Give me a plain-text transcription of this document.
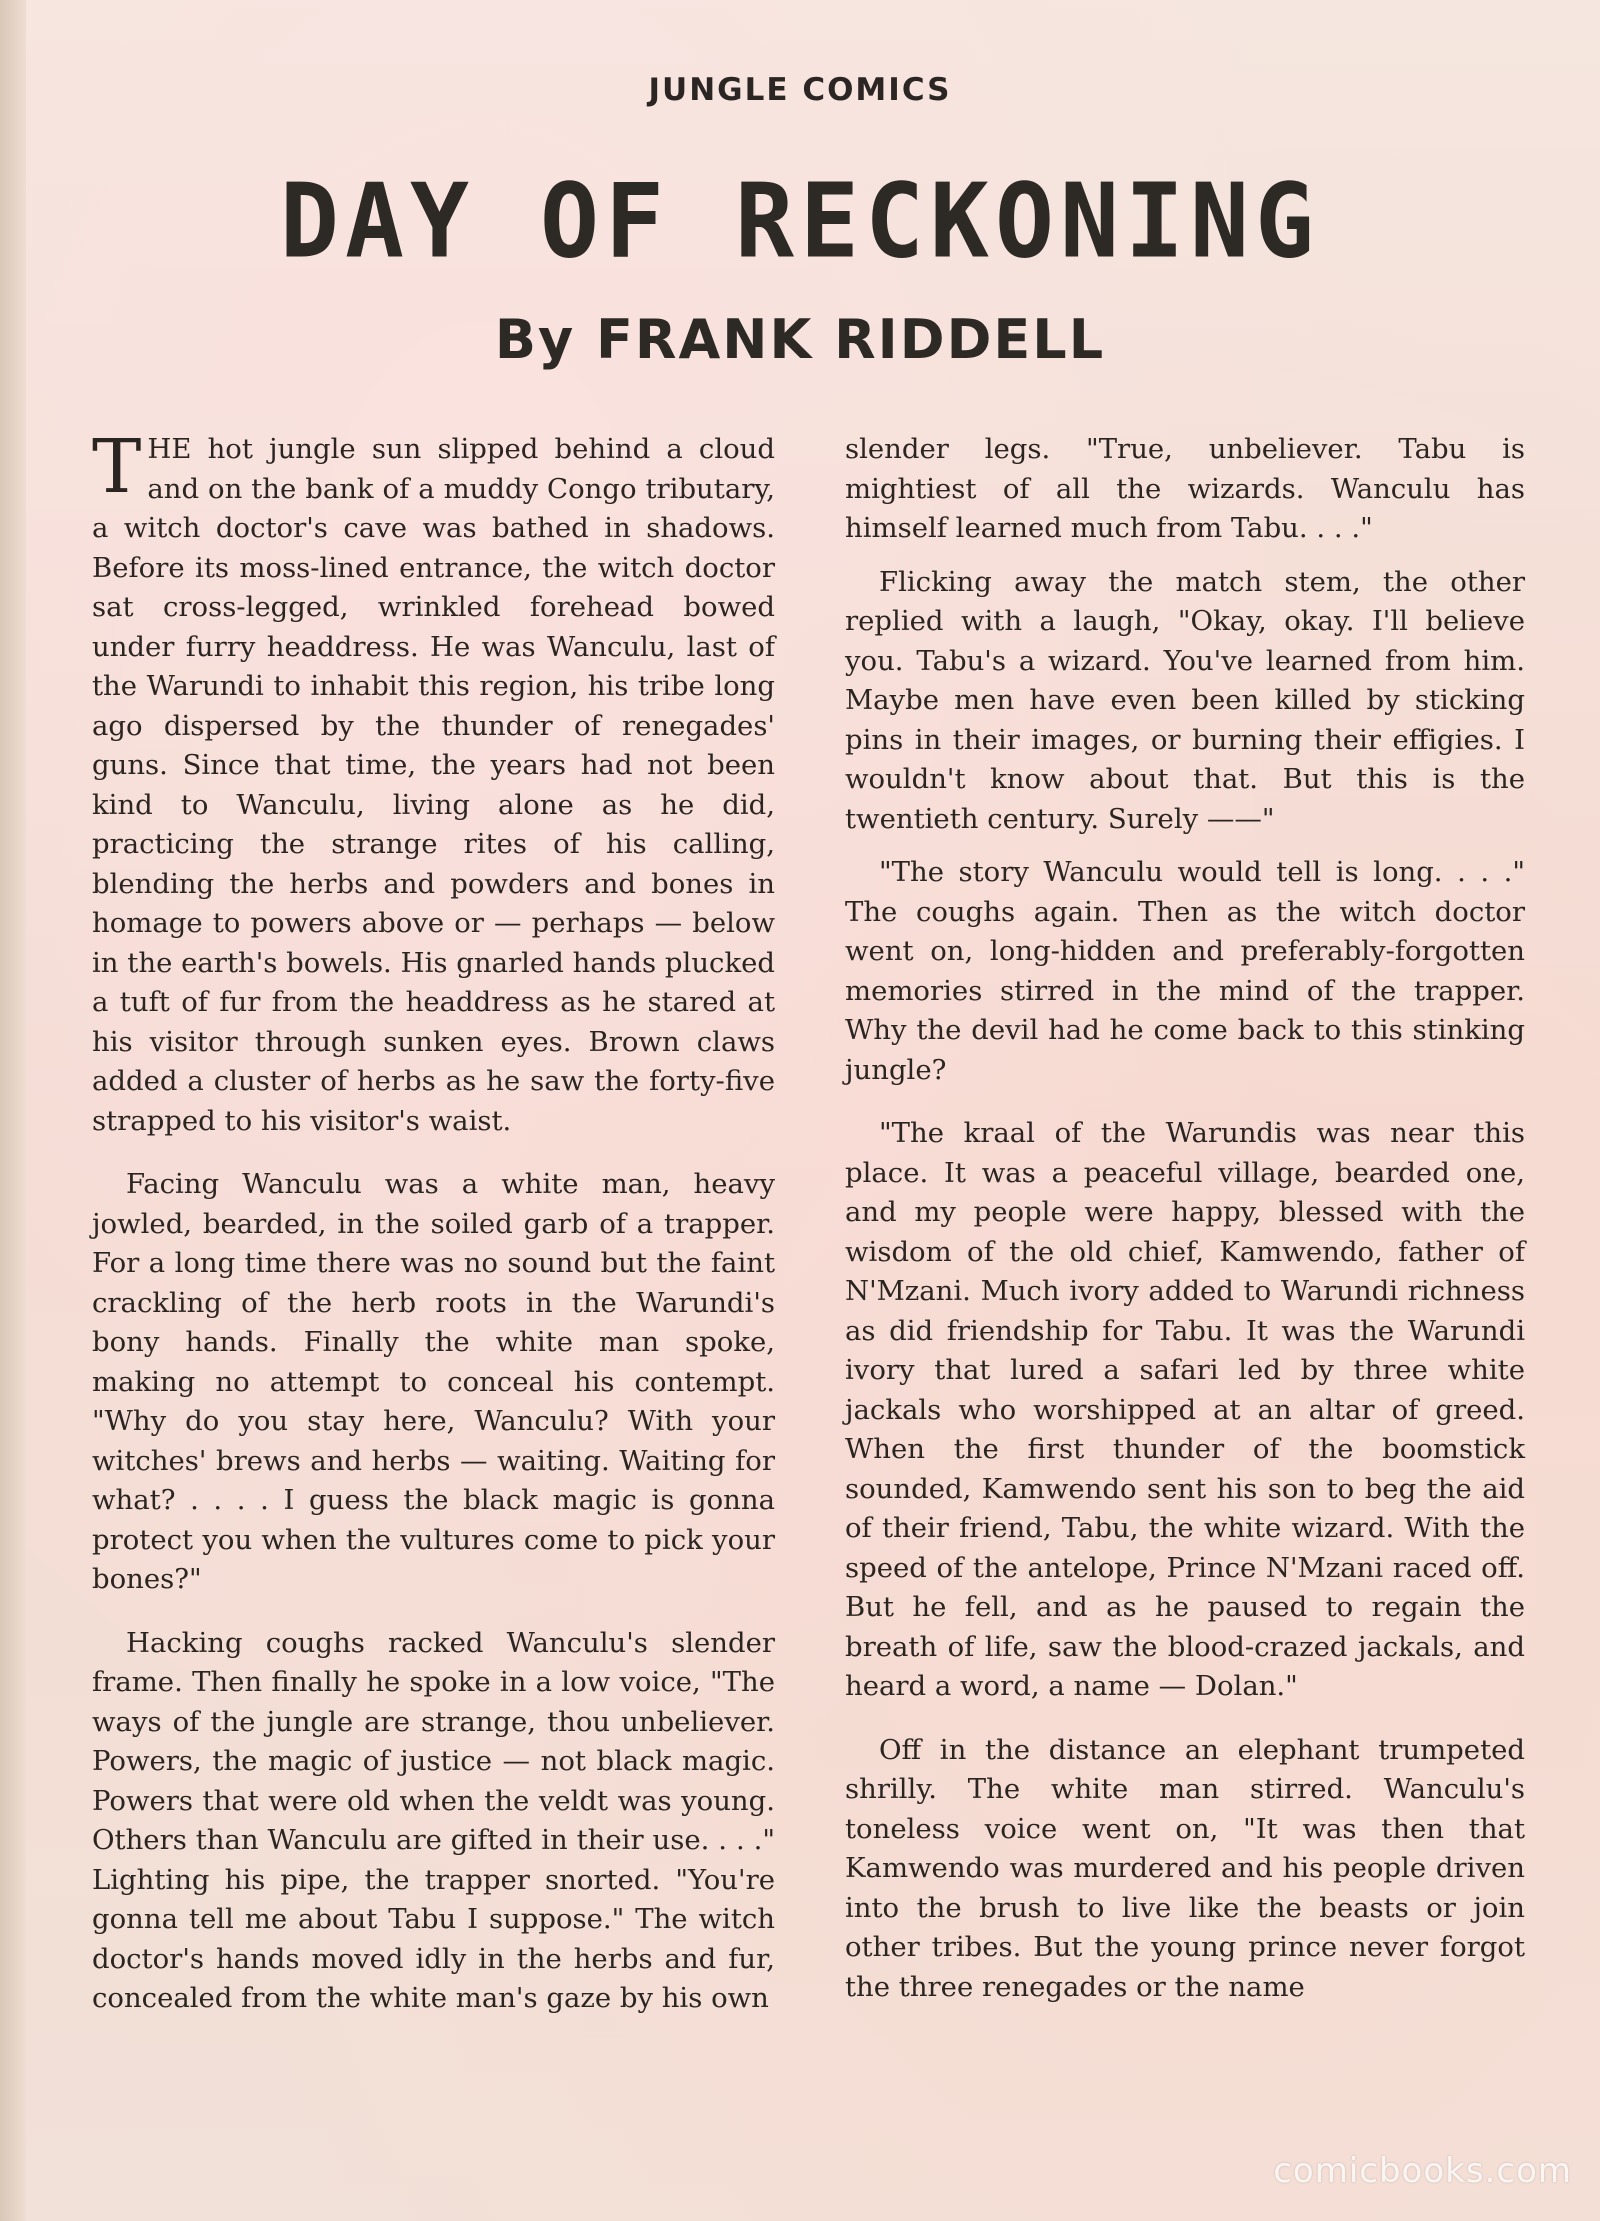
JUNGLE COMICS
DAY OF RECKONING
By FRANK RIDDELL

THE hot jungle sun slipped behind a cloud and on the bank of a muddy Congo tributary, a witch doctor's cave was bathed in shadows. Before its moss-lined entrance, the witch doctor sat cross-legged, wrinkled forehead bowed under furry headdress. He was Wanculu, last of the Warundi to inhabit this region, his tribe long ago dispersed by the thunder of renegades' guns. Since that time, the years had not been kind to Wanculu, living alone as he did, practicing the strange rites of his calling, blending the herbs and powders and bones in homage to powers above or — perhaps — below in the earth's bowels. His gnarled hands plucked a tuft of fur from the headdress as he stared at his visitor through sunken eyes. Brown claws added a cluster of herbs as he saw the forty-five strapped to his visitor's waist.

Facing Wanculu was a white man, heavy jowled, bearded, in the soiled garb of a trapper. For a long time there was no sound but the faint crackling of the herb roots in the Warundi's bony hands. Finally the white man spoke, making no attempt to conceal his contempt. "Why do you stay here, Wanculu? With your witches' brews and herbs — waiting. Waiting for what? . . . . I guess the black magic is gonna protect you when the vultures come to pick your bones?"

Hacking coughs racked Wanculu's slender frame. Then finally he spoke in a low voice, "The ways of the jungle are strange, thou unbeliever. Powers, the magic of justice — not black magic. Powers that were old when the veldt was young. Others than Wanculu are gifted in their use. . . ." Lighting his pipe, the trapper snorted. "You're gonna tell me about Tabu I suppose." The witch doctor's hands moved idly in the herbs and fur, concealed from the white man's gaze by his own

slender legs. "True, unbeliever. Tabu is mightiest of all the wizards. Wanculu has himself learned much from Tabu. . . ."

Flicking away the match stem, the other replied with a laugh, "Okay, okay. I'll believe you. Tabu's a wizard. You've learned from him. Maybe men have even been killed by sticking pins in their images, or burning their effigies. I wouldn't know about that. But this is the twentieth century. Surely ——"

"The story Wanculu would tell is long. . . ." The coughs again. Then as the witch doctor went on, long-hidden and preferably-forgotten memories stirred in the mind of the trapper. Why the devil had he come back to this stinking jungle?

"The kraal of the Warundis was near this place. It was a peaceful village, bearded one, and my people were happy, blessed with the wisdom of the old chief, Kamwendo, father of N'Mzani. Much ivory added to Warundi richness as did friendship for Tabu. It was the Warundi ivory that lured a safari led by three white jackals who worshipped at an altar of greed. When the first thunder of the boomstick sounded, Kamwendo sent his son to beg the aid of their friend, Tabu, the white wizard. With the speed of the antelope, Prince N'Mzani raced off. But he fell, and as he paused to regain the breath of life, saw the blood-crazed jackals, and heard a word, a name — Dolan."

Off in the distance an elephant trumpeted shrilly. The white man stirred. Wanculu's toneless voice went on, "It was then that Kamwendo was murdered and his people driven into the brush to live like the beasts or join other tribes. But the young prince never forgot the three renegades or the name

comicbooks.com
